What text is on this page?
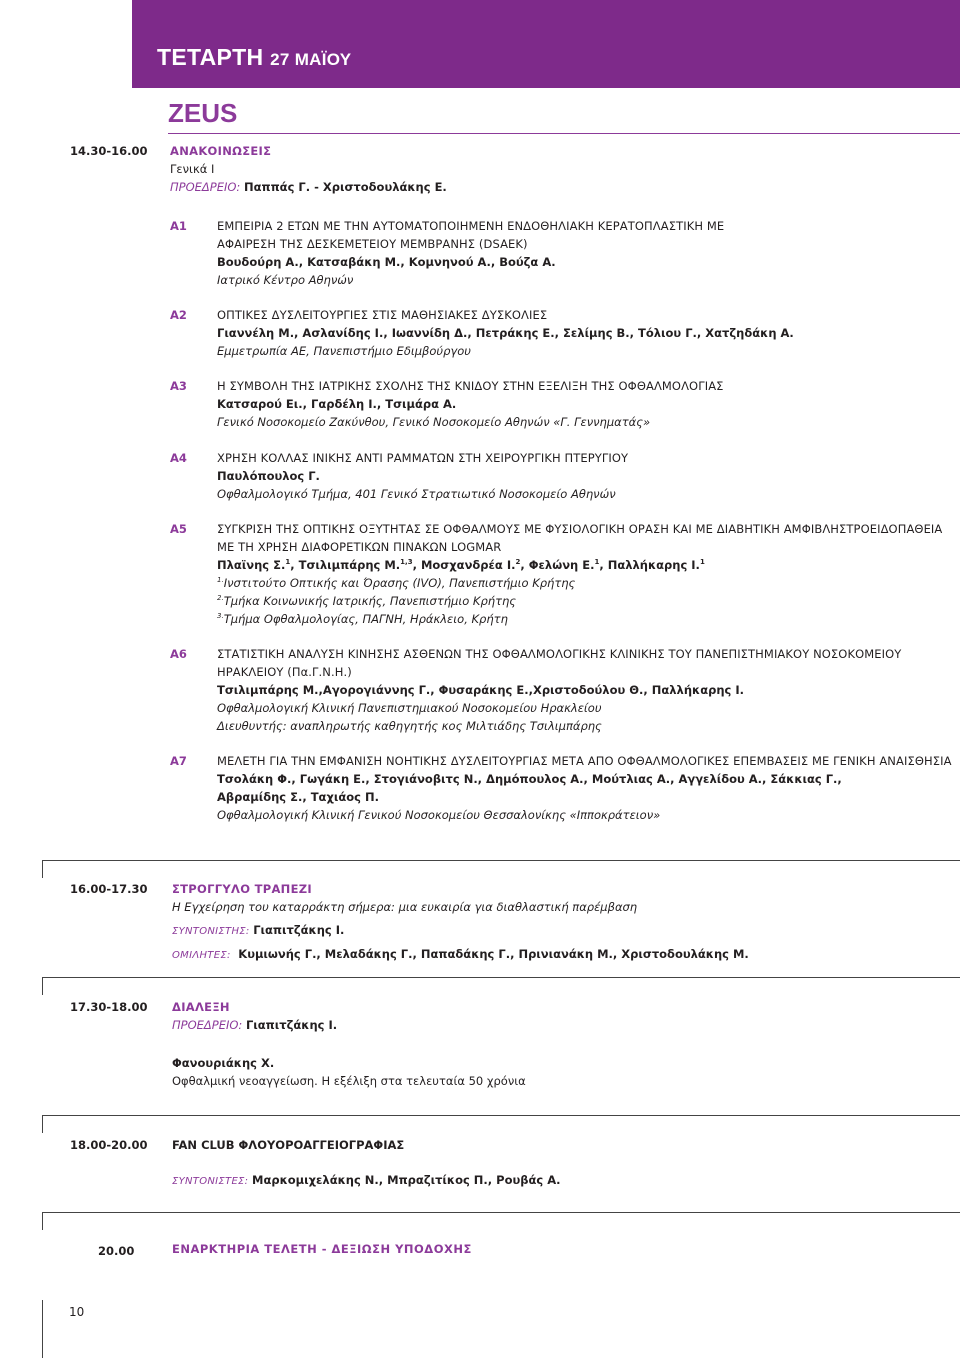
ΤΕΤΑΡΤΗ 27 ΜΑΪΟΥ
ZEUS
14.30-16.00 ΑΝΑΚΟΙΝΩΣΕΙΣ
Γενικά Ι
ΠΡΟΕΔΡΕΙΟ: Παππάς Γ. - Χριστοδουλάκης Ε.
Α1	ΕΜΠΕΙΡΙΑ 2 ΕΤΩΝ ΜΕ ΤΗΝ ΑΥΤΟΜΑΤΟΠΟΙΗΜΕΝΗ ΕΝΔΟΘΗΛΙΑΚΗ ΚΕΡΑΤΟΠΛΑΣΤΙΚΗ ΜΕ
ΑΦΑΙΡΕΣΗ ΤΗΣ ΔΕΣΚΕΜΕΤΕΙΟΥ ΜΕΜΒΡΑΝΗΣ (DSAEK)
Βουδούρη Α., Κατσαβάκη Μ., Κομνηνού Α., Βούζα Α.
Ιατρικό Κέντρο Αθηνών
Α2	ΟΠΤΙΚΕΣ ΔΥΣΛΕΙΤΟΥΡΓΙΕΣ ΣΤΙΣ ΜΑΘΗΣΙΑΚΕΣ ΔΥΣΚΟΛΙΕΣ
Γιαννέλη Μ., Ασλανίδης Ι., Ιωαννίδη Δ., Πετράκης Ε., Σελίμης Β., Τόλιου Γ., Χατζηδάκη Α.
Εμμετρωπία ΑΕ, Πανεπιστήμιο Εδιμβούργου
Α3	Η ΣΥΜΒΟΛΗ ΤΗΣ ΙΑΤΡΙΚΗΣ ΣΧΟΛΗΣ ΤΗΣ ΚΝΙΔΟΥ ΣΤΗΝ ΕΞΕΛΙΞΗ ΤΗΣ ΟΦΘΑΛΜΟΛΟΓΙΑΣ
Κατσαρού Ει., Γαρδέλη Ι., Τσιμάρα Α.
Γενικό Νοσοκομείο Ζακύνθου, Γενικό Νοσοκομείο Αθηνών «Γ. Γεννηματάς»
Α4	ΧΡΗΣΗ ΚΟΛΛΑΣ ΙΝΙΚΗΣ ΑΝΤΙ ΡΑΜΜΑΤΩΝ ΣΤΗ ΧΕΙΡΟΥΡΓΙΚΗ ΠΤΕΡΥΓΙΟΥ
Παυλόπουλος Γ.
Οφθαλμολογικό Τμήμα, 401 Γενικό Στρατιωτικό Νοσοκομείο Αθηνών
Α5	ΣΥΓΚΡΙΣΗ ΤΗΣ ΟΠΤΙΚΗΣ ΟΞΥΤΗΤΑΣ ΣΕ ΟΦΘΑΛΜΟΥΣ ΜΕ ΦΥΣΙΟΛΟΓΙΚΗ ΟΡΑΣΗ ΚΑΙ ΜΕ ΔΙΑΒΗΤΙΚΗ ΑΜΦΙΒΛΗΣΤΡΟΕΙΔΟΠΑΘΕΙΑ
ΜΕ ΤΗ ΧΡΗΣΗ ΔΙΑΦΟΡΕΤΙΚΩΝ ΠΙΝΑΚΩΝ LOGMAR
Πλαϊνης Σ.$^1$, Τσιλιμπάρης Μ.$^{1,3}$, Μοσχανδρέα Ι.$^2$, Φελώνη Ε.$^1$, Παλλήκαρης Ι.$^1$
$^{1.}$Ινστιτούτο Οπτικής και Όρασης (IVO), Πανεπιστήμιο Κρήτης
$^{2.}$Τμήκα Κοινωνικής Ιατρικής, Πανεπιστήμιο Κρήτης
$^{3.}$Τμήμα Οφθαλμολογίας, ΠΑΓΝΗ, Ηράκλειο, Κρήτη
Α6	ΣΤΑΤΙΣΤΙΚΗ ΑΝΑΛΥΣΗ ΚΙΝΗΣΗΣ ΑΣΘΕΝΩΝ ΤΗΣ ΟΦΘΑΛΜΟΛΟΓΙΚΗΣ ΚΛΙΝΙΚΗΣ ΤΟΥ ΠΑΝΕΠΙΣΤΗΜΙΑΚΟΥ ΝΟΣΟΚΟΜΕΙΟΥ
ΗΡΑΚΛΕΙΟΥ (Πα.Γ.Ν.Η.)
Τσιλιμπάρης Μ.,Αγορογιάννης Γ., Φυσαράκης Ε.,Χριστοδούλου Θ., Παλλήκαρης Ι.
Οφθαλμολογική Κλινική Πανεπιστημιακού Νοσοκομείου Ηρακλείου
Διευθυντής: αναπληρωτής καθηγητής κος Μιλτιάδης Τσιλιμπάρης
Α7	ΜΕΛΕΤΗ ΓΙΑ ΤΗΝ ΕΜΦΑΝΙΣΗ ΝΟΗΤΙΚΗΣ ΔΥΣΛΕΙΤΟΥΡΓΙΑΣ ΜΕΤΑ ΑΠΟ ΟΦΘΑΛΜΟΛΟΓΙΚΕΣ ΕΠΕΜΒΑΣΕΙΣ ΜΕ ΓΕΝΙΚΗ ΑΝΑΙΣΘΗΣΙΑ
Τσολάκη Φ., Γωγάκη Ε., Στογιάνοβιτς Ν., Δημόπουλος Α., Μούτλιας Α., Αγγελίδου Α., Σάκκιας Γ.,
Αβραμίδης Σ., Ταχιάος Π.
Οφθαλμολογική Κλινική Γενικού Νοσοκομείου Θεσσαλονίκης «Ιπποκράτειον»
16.00-17.30 ΣΤΡΟΓΓΥΛΟ ΤΡΑΠΕΖΙ
Η Εγχείρηση του καταρράκτη σήμερα: μια ευκαιρία για διαθλαστική παρέμβαση
ΣΥΝΤΟΝΙΣΤΗΣ: Γιαπιτζάκης Ι.
ΟΜΙΛΗΤΕΣ: Κυμιωνής Γ., Μελαδάκης Γ., Παπαδάκης Γ., Πρινιανάκη Μ., Χριστοδουλάκης Μ.
17.30-18.00 ΔΙΑΛΕΞΗ
ΠΡΟΕΔΡΕΙΟ: Γιαπιτζάκης Ι.
Φανουριάκης Χ.
Οφθαλμική νεοαγγείωση. Η εξέλιξη στα τελευταία 50 χρόνια
18.00-20.00 FAN CLUB ΦΛΟΥΟΡΟΑΓΓΕΙΟΓΡΑΦΙΑΣ
ΣΥΝΤΟΝΙΣΤΕΣ: Μαρκομιχελάκης Ν., Μπραζιτίκος Π., Ρουβάς Α.
20.00	ΕΝΑΡΚΤΗΡΙΑ ΤΕΛΕΤΗ - ΔΕΞΙΩΣΗ ΥΠΟΔΟΧΗΣ
10
